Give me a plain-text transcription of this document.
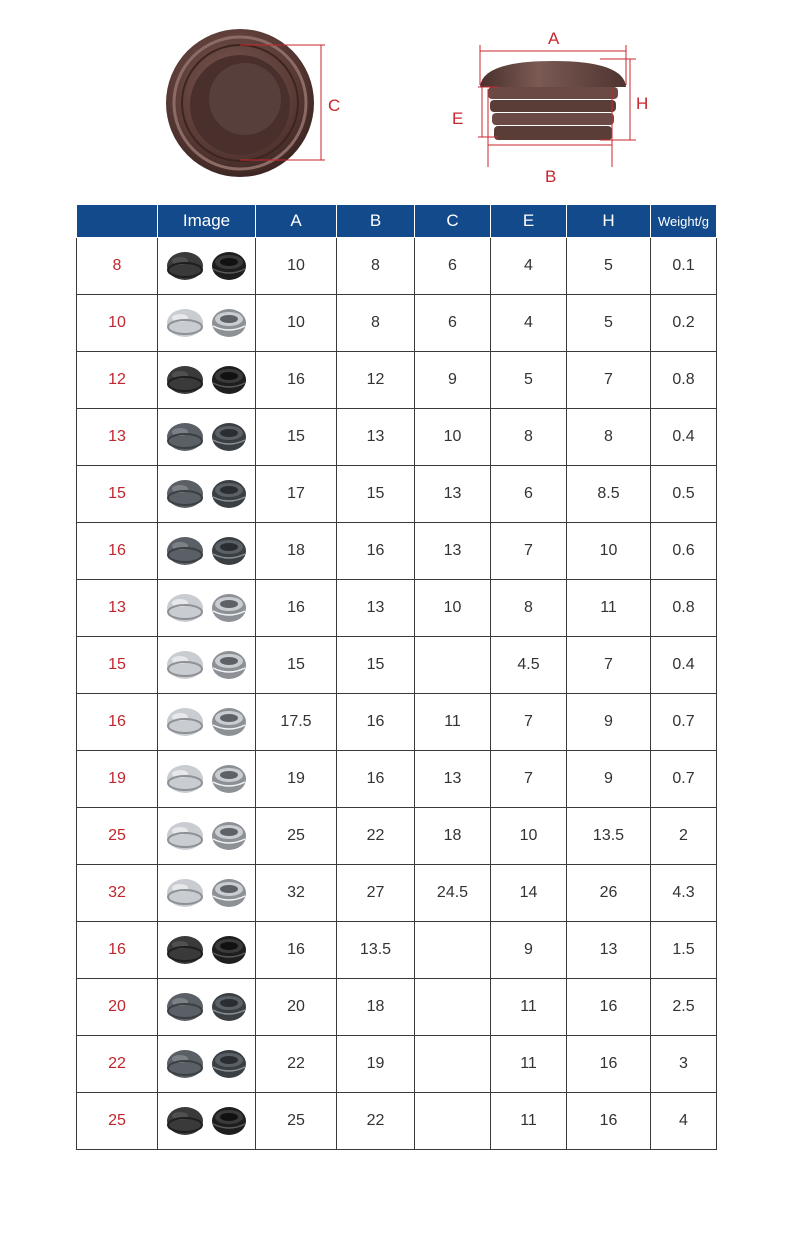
C
A
B
E
H
	Image	A	B	C	E	H	Weight/g
8		10	8	6	4	5	0.1
10		10	8	6	4	5	0.2
12		16	12	9	5	7	0.8
13		15	13	10	8	8	0.4
15		17	15	13	6	8.5	0.5
16		18	16	13	7	10	0.6
13		16	13	10	8	11	0.8
15		15	15		4.5	7	0.4
16		17.5	16	11	7	9	0.7
19		19	16	13	7	9	0.7
25		25	22	18	10	13.5	2
32		32	27	24.5	14	26	4.3
16		16	13.5		9	13	1.5
20		20	18		11	16	2.5
22		22	19		11	16	3
25		25	22		11	16	4
